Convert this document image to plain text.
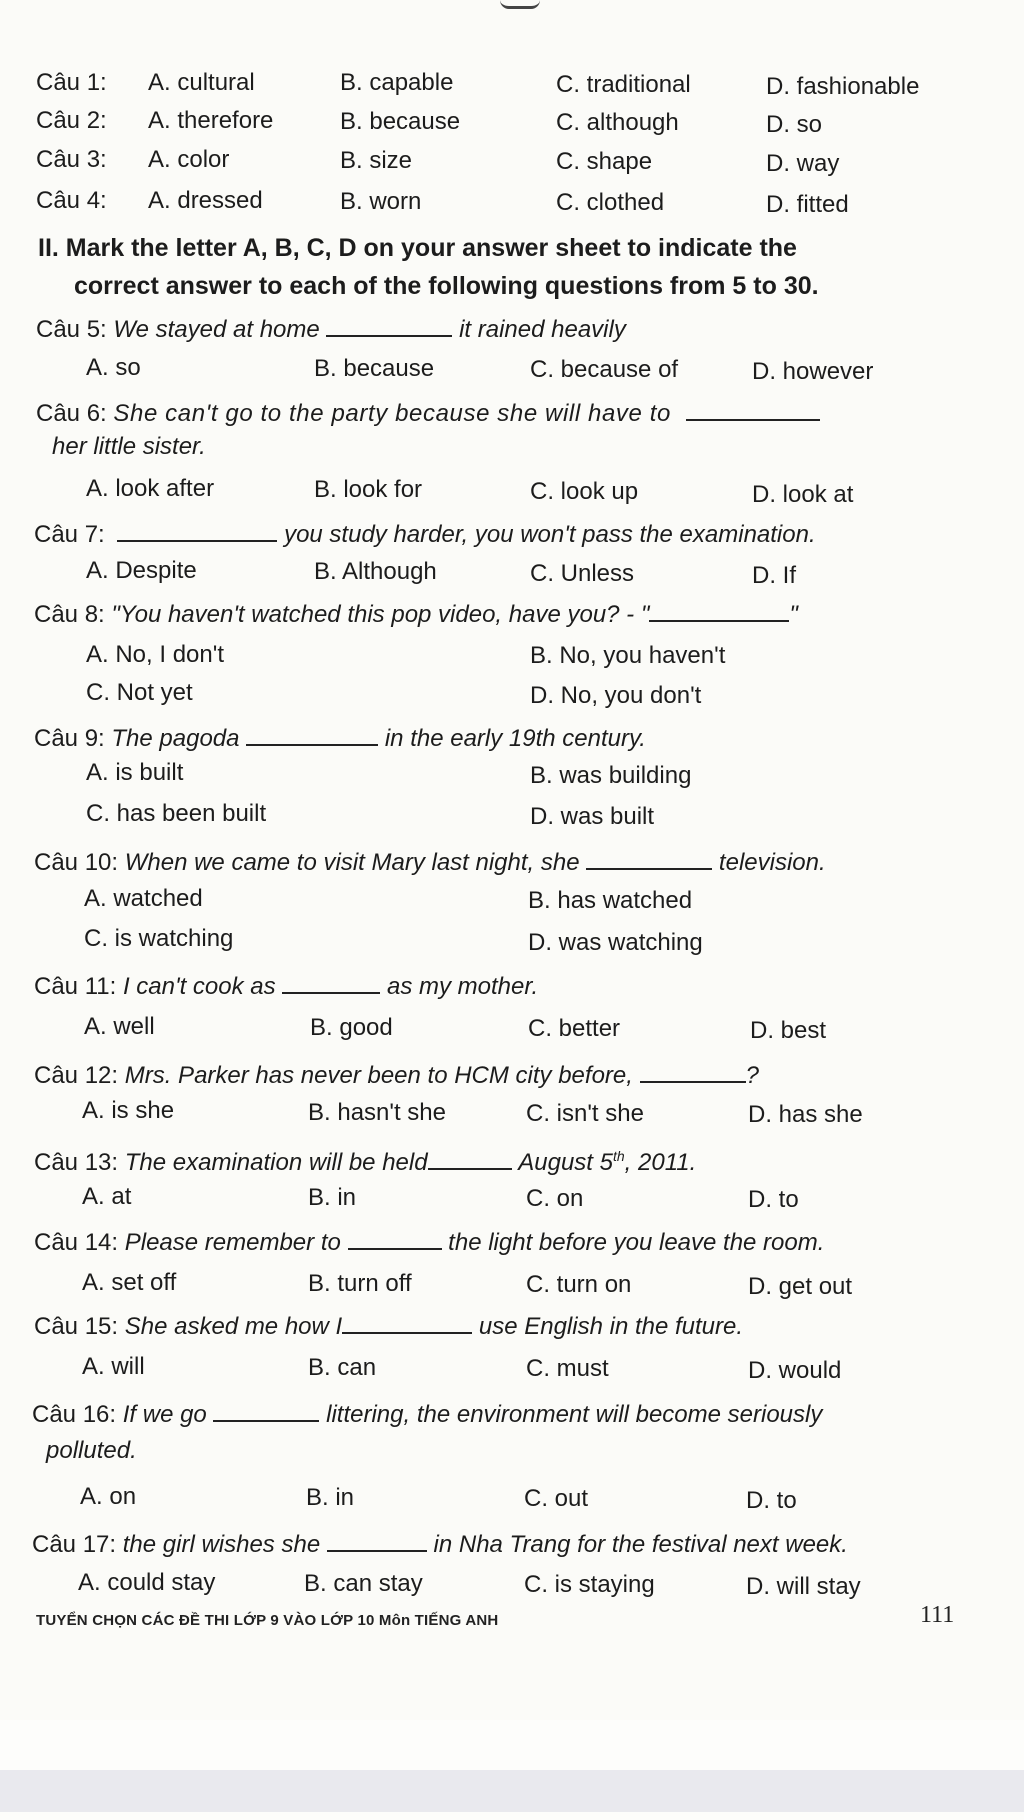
Câu 1: A. cultural	B. capable	C. traditional	D. fashionable
Câu 2: A. therefore	B. because	C. although	D. so
Câu 3: A. color	B. size	C. shape	D. way
Câu 4: A. dressed	B. worn	C. clothed	D. fitted
II. Mark the letter A, B, C, D on your answer sheet to indicate the
correct answer to each of the following questions from 5 to 30.
Câu 5: We stayed at home	it rained heavily
A. so	B. because	C. because of	D. however
Câu 6: She can't go to the party because she will have to
her little sister.
A. look after	B. look for	C. look up	D. look at
Câu 7:	you study harder, you won't pass the examination.
A. Despite	B. Although	C. Unless	D. If
Câu 8: "You haven't watched this pop video, have you? - "	"
A. No, I don't	B. No, you haven't
C. Not yet	D. No, you don't
Câu 9: The pagoda	in the early 19th century.
A. is built	B. was building
C. has been built	D. was built
Câu 10: When we came to visit Mary last night, she	television.
A. watched	B. has watched
C. is watching	D. was watching
Câu 11: I can't cook as	as my mother.
A. well	B. good	C. better	D. best
Câu 12: Mrs. Parker has never been to HCM city before,	?
A. is she	B. hasn't she	C. isn't she	D. has she
Câu 13: The examination will be held	August 5th, 2011.
A. at	B. in	C. on	D. to
Câu 14: Please remember to	the light before you leave the room.
A. set off	B. turn off	C. turn on	D. get out
Câu 15: She asked me how I	use English in the future.
A. will	B. can	C. must	D. would
Câu 16: If we go	littering, the environment will become seriously
polluted.
A. on	B. in	C. out	D. to
Câu 17: the girl wishes she	in Nha Trang for the festival next week.
A. could stay	B. can stay	C. is staying	D. will stay
TUYỂN CHỌN CÁC ĐỀ THI LỚP 9 VÀO LỚP 10 Môn TIẾNG ANH	111
